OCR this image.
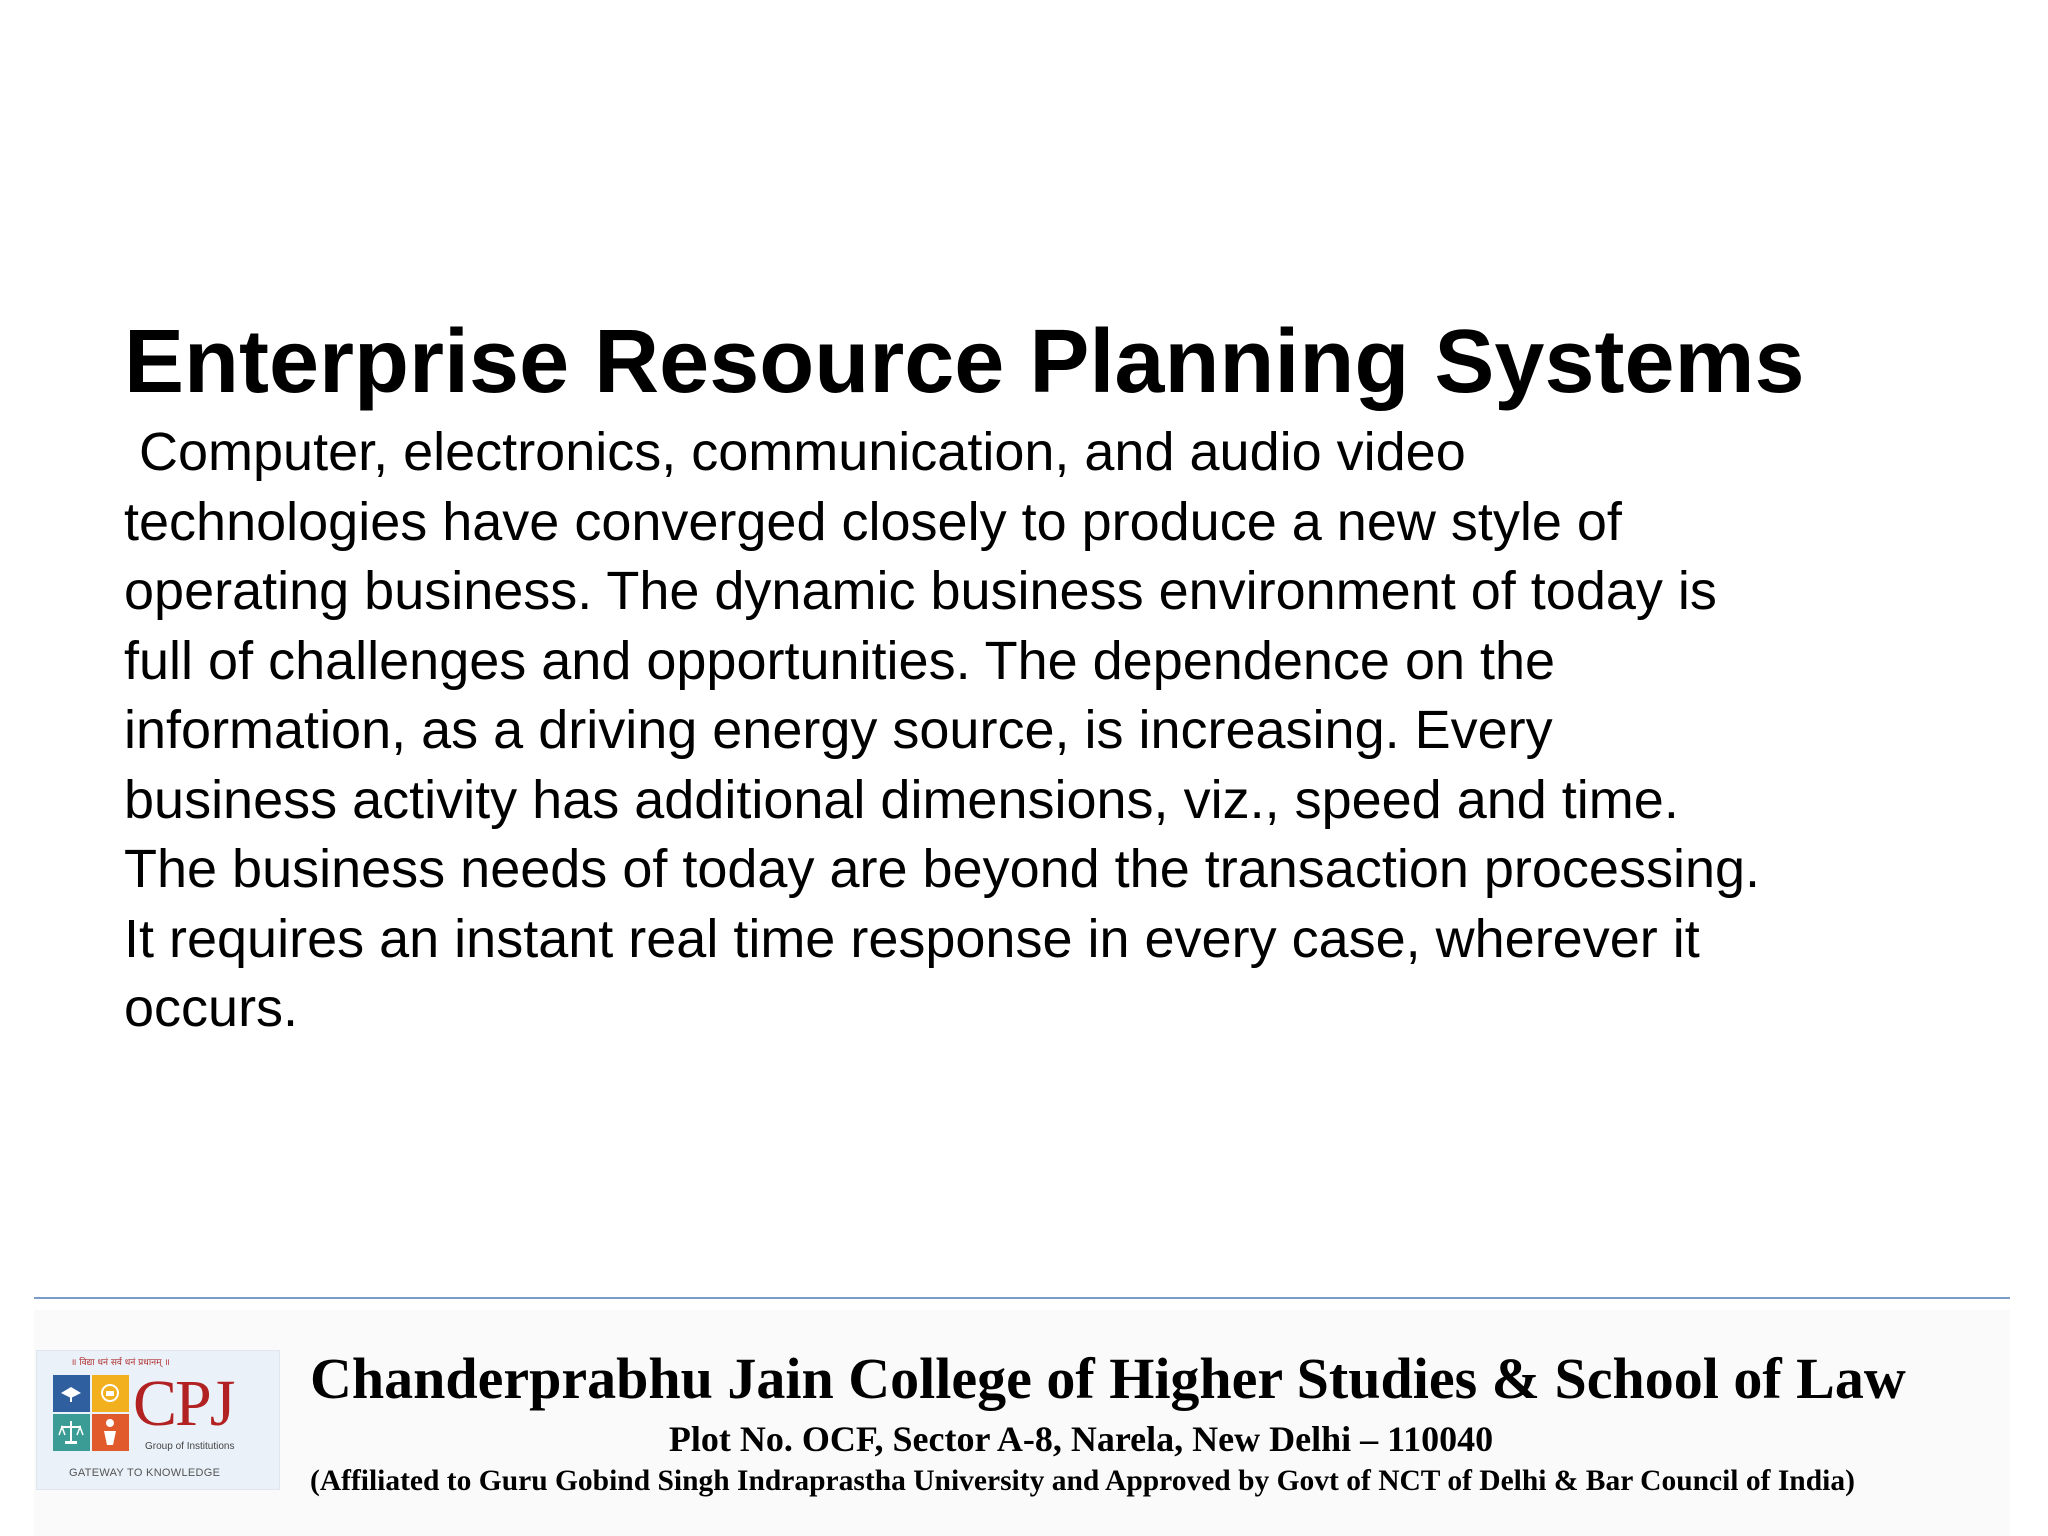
Enterprise Resource Planning Systems
Computer, electronics, communication, and audio video
technologies have converged closely to produce a new style of
operating business. The dynamic business environment of today is
full of challenges and opportunities. The dependence on the
information, as a driving energy source, is increasing. Every
business activity has additional dimensions, viz., speed and time.
The business needs of today are beyond the transaction processing.
It requires an instant real time response in every case, wherever it
occurs.
॥ विद्या धनं सर्व धनं प्रधानम् ॥
CPJ
Group of Institutions
GATEWAY TO KNOWLEDGE
Chanderprabhu Jain College of Higher Studies & School of Law
Plot No. OCF, Sector A-8, Narela, New Delhi – 110040
(Affiliated to Guru Gobind Singh Indraprastha University and Approved by Govt of NCT of Delhi & Bar Council of India)
